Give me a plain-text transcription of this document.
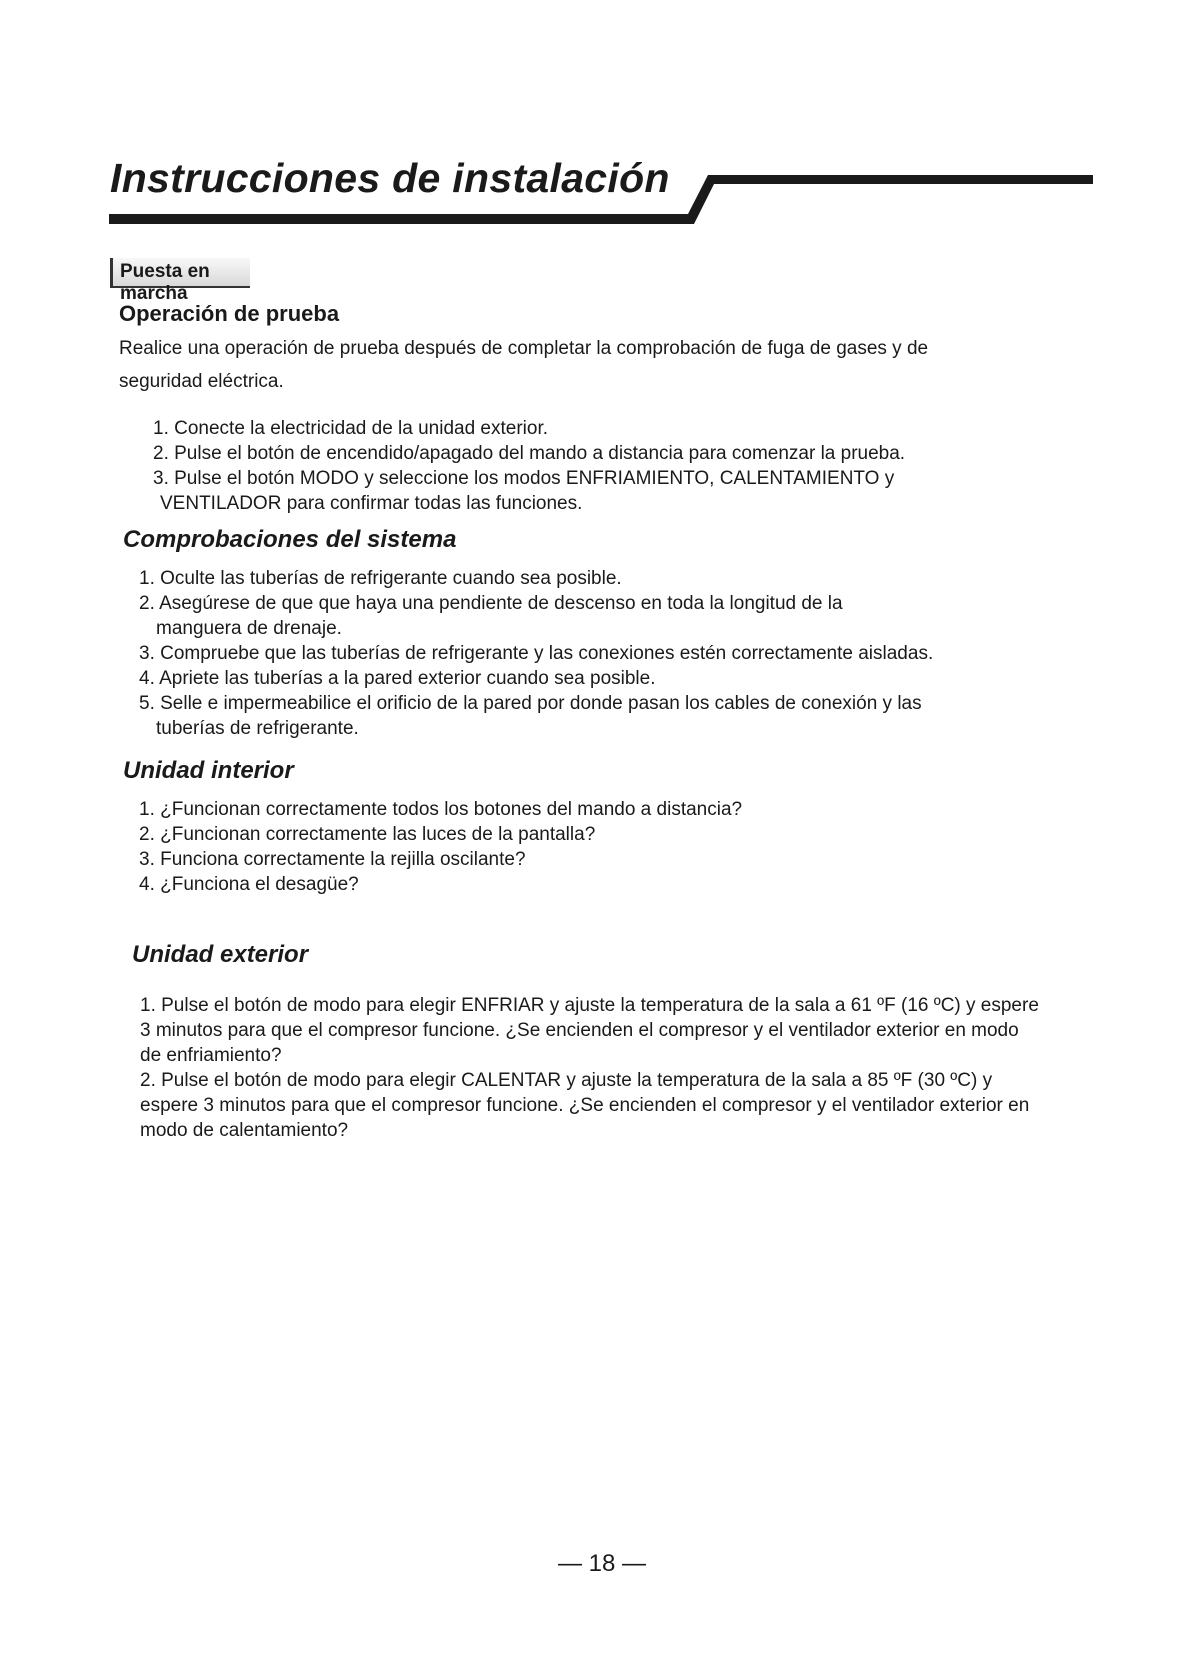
Instrucciones de instalación
Puesta en marcha
Operación de prueba

Realice una operación de prueba después de completar la comprobación de fuga de gases y de
seguridad eléctrica.

1. Conecte la electricidad de la unidad exterior.
2. Pulse el botón de encendido/apagado del mando a distancia para comenzar la prueba.
3. Pulse el botón MODO y seleccione los modos ENFRIAMIENTO, CALENTAMIENTO y
VENTILADOR para confirmar todas las funciones.
Comprobaciones del sistema
1. Oculte las tuberías de refrigerante cuando sea posible.
2. Asegúrese de que que haya una pendiente de descenso en toda la longitud de la
manguera de drenaje.
3. Compruebe que las tuberías de refrigerante y las conexiones estén correctamente aisladas.
4. Apriete las tuberías a la pared exterior cuando sea posible.
5. Selle e impermeabilice el orificio de la pared por donde pasan los cables de conexión y las
tuberías de refrigerante.
Unidad interior
1. ¿Funcionan correctamente todos los botones del mando a distancia?
2. ¿Funcionan correctamente las luces de la pantalla?
3. Funciona correctamente la rejilla oscilante?
4. ¿Funciona el desagüe?
Unidad exterior

1. Pulse el botón de modo para elegir ENFRIAR y ajuste la temperatura de la sala a 61 ºF (16 ºC) y espere 3 minutos para que el compresor funcione. ¿Se encienden el compresor y el ventilador exterior en modo de enfriamiento?

2. Pulse el botón de modo para elegir CALENTAR y ajuste la temperatura de la sala a 85 ºF (30 ºC) y espere 3 minutos para que el compresor funcione. ¿Se encienden el compresor y el ventilador exterior en modo de calentamiento?

— 18 —
